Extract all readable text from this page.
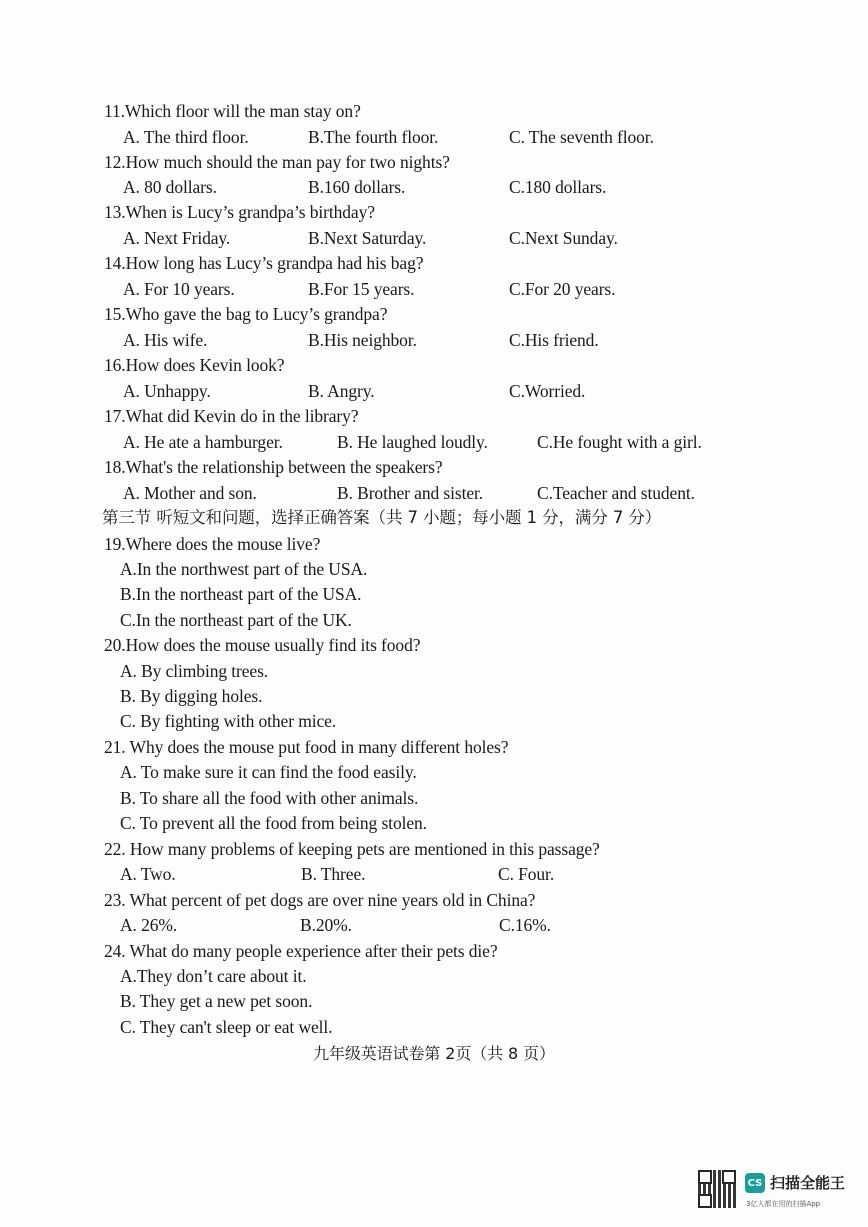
11.Which floor will the man stay on?
A. The third floor.	B.The fourth floor.	C. The seventh floor.
12.How much should the man pay for two nights?
A. 80 dollars.	B.160 dollars.	C.180 dollars.
13.When is Lucy’s grandpa’s birthday?
A. Next Friday.	B.Next Saturday.	C.Next Sunday.
14.How long has Lucy’s grandpa had his bag?
A. For 10 years.	B.For 15 years.	C.For 20 years.
15.Who gave the bag to Lucy’s grandpa?
A. His wife.	B.His neighbor.	C.His friend.
16.How does Kevin look?
A. Unhappy.	B. Angry.	C.Worried.
17.What did Kevin do in the library?
A. He ate a hamburger.	B. He laughed loudly.	C.He fought with a girl.
18.What's the relationship between the speakers?
A. Mother and son.	B. Brother and sister.	C.Teacher and student.
第三节 听短文和问题，选择正确答案（共 7 小题；每小题 1 分，满分 7 分）
19.Where does the mouse live?
A.In the northwest part of the USA.
B.In the northeast part of the USA.
C.In the northeast part of the UK.
20.How does the mouse usually find its food?
A. By climbing trees.
B. By digging holes.
C. By fighting with other mice.
21. Why does the mouse put food in many different holes?
A. To make sure it can find the food easily.
B. To share all the food with other animals.
C. To prevent all the food from being stolen.
22. How many problems of keeping pets are mentioned in this passage?
A. Two.	B. Three.	C. Four.
23. What percent of pet dogs are over nine years old in China?
A. 26%.	B.20%.	C.16%.
24. What do many people experience after their pets die?
A.They don’t care about it.
B. They get a new pet soon.
C. They can't sleep or eat well.
九年级英语试卷第 2页（共 8 页）
CS 扫描全能王
3亿人都在用的扫描App
